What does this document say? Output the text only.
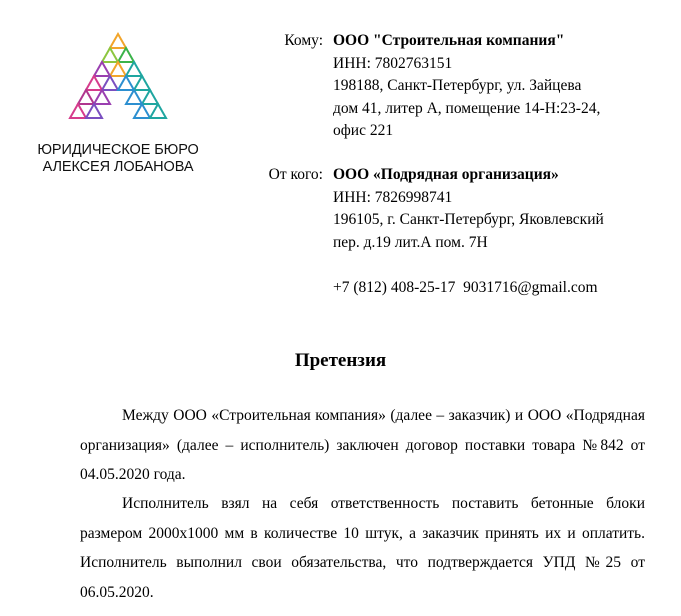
ЮРИДИЧЕСКОЕ БЮРО
АЛЕКСЕЯ ЛОБАНОВА
Кому: ООО "Строительная компания"
ИНН: 7802763151
198188, Санкт-Петербург, ул. Зайцева
дом 41, литер А, помещение 14-Н:23-24,
офис 221
От кого: ООО «Подрядная организация»
ИНН: 7826998741
196105, г. Санкт-Петербург, Яковлевский
пер. д.19 лит.А пом. 7Н
+7 (812) 408-25-17  9031716@gmail.com
Претензия
Между ООО «Строительная компания» (далее – заказчик) и ООО «Подрядная организация» (далее – исполнитель) заключен договор поставки товара №842 от 04.05.2020 года.
Исполнитель взял на себя ответственность поставить бетонные блоки размером 2000х1000 мм в количестве 10 штук, а заказчик принять их и оплатить. Исполнитель выполнил свои обязательства, что подтверждается УПД №25 от 06.05.2020.
